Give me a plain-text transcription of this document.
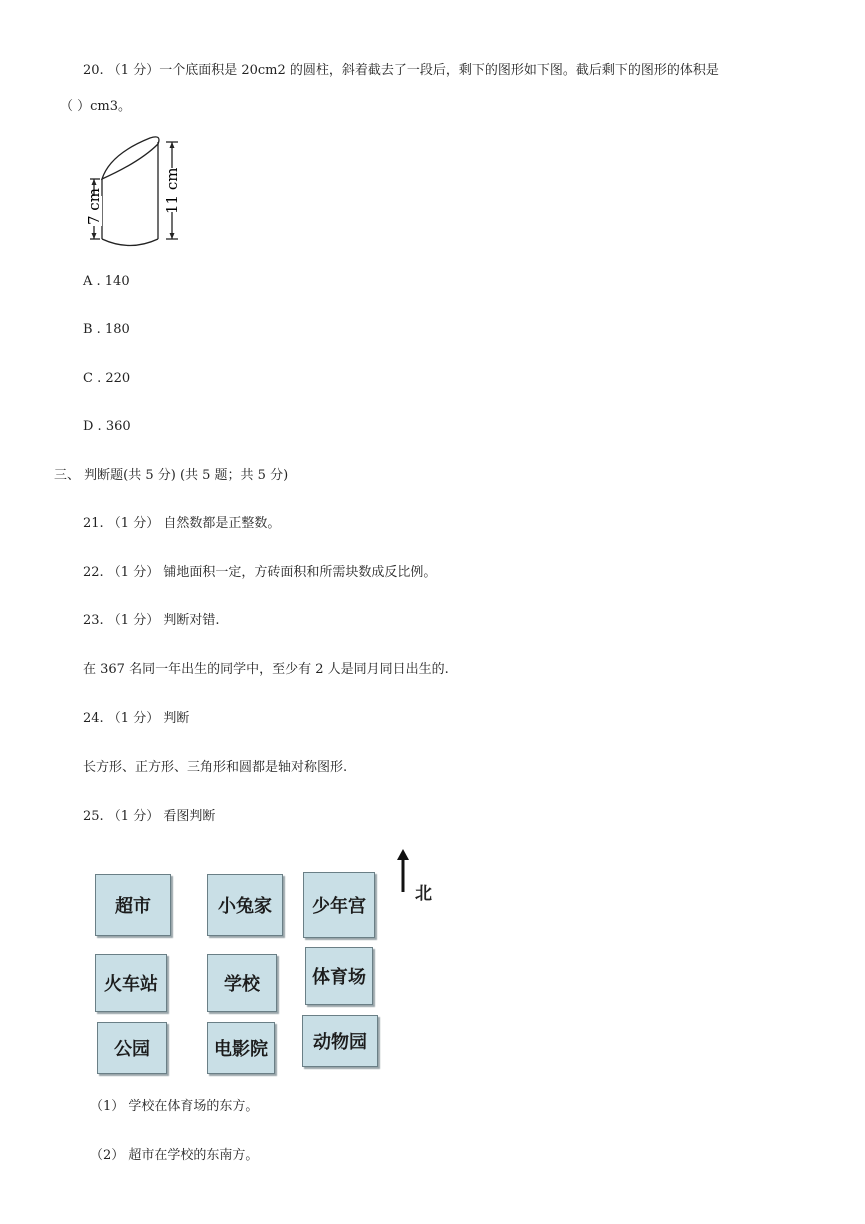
20. （1 分）一个底面积是 20cm2 的圆柱，斜着截去了一段后，剩下的图形如下图。截后剩下的图形的体积是
（ ）cm3。
7 cm	11 cm
A . 140
B . 180
C . 220
D . 360
三、 判断题(共 5 分) (共 5 题；共 5 分)
21. （1 分） 自然数都是正整数。
22. （1 分） 铺地面积一定，方砖面积和所需块数成反比例。
23. （1 分） 判断对错.
在 367 名同一年出生的同学中，至少有 2 人是同月同日出生的.
24. （1 分） 判断
长方形、正方形、三角形和圆都是轴对称图形.
25. （1 分） 看图判断
超市	小兔家	少年宫
火车站	学校	体育场
公园	电影院	动物园
北
（1） 学校在体育场的东方。
（2） 超市在学校的东南方。
